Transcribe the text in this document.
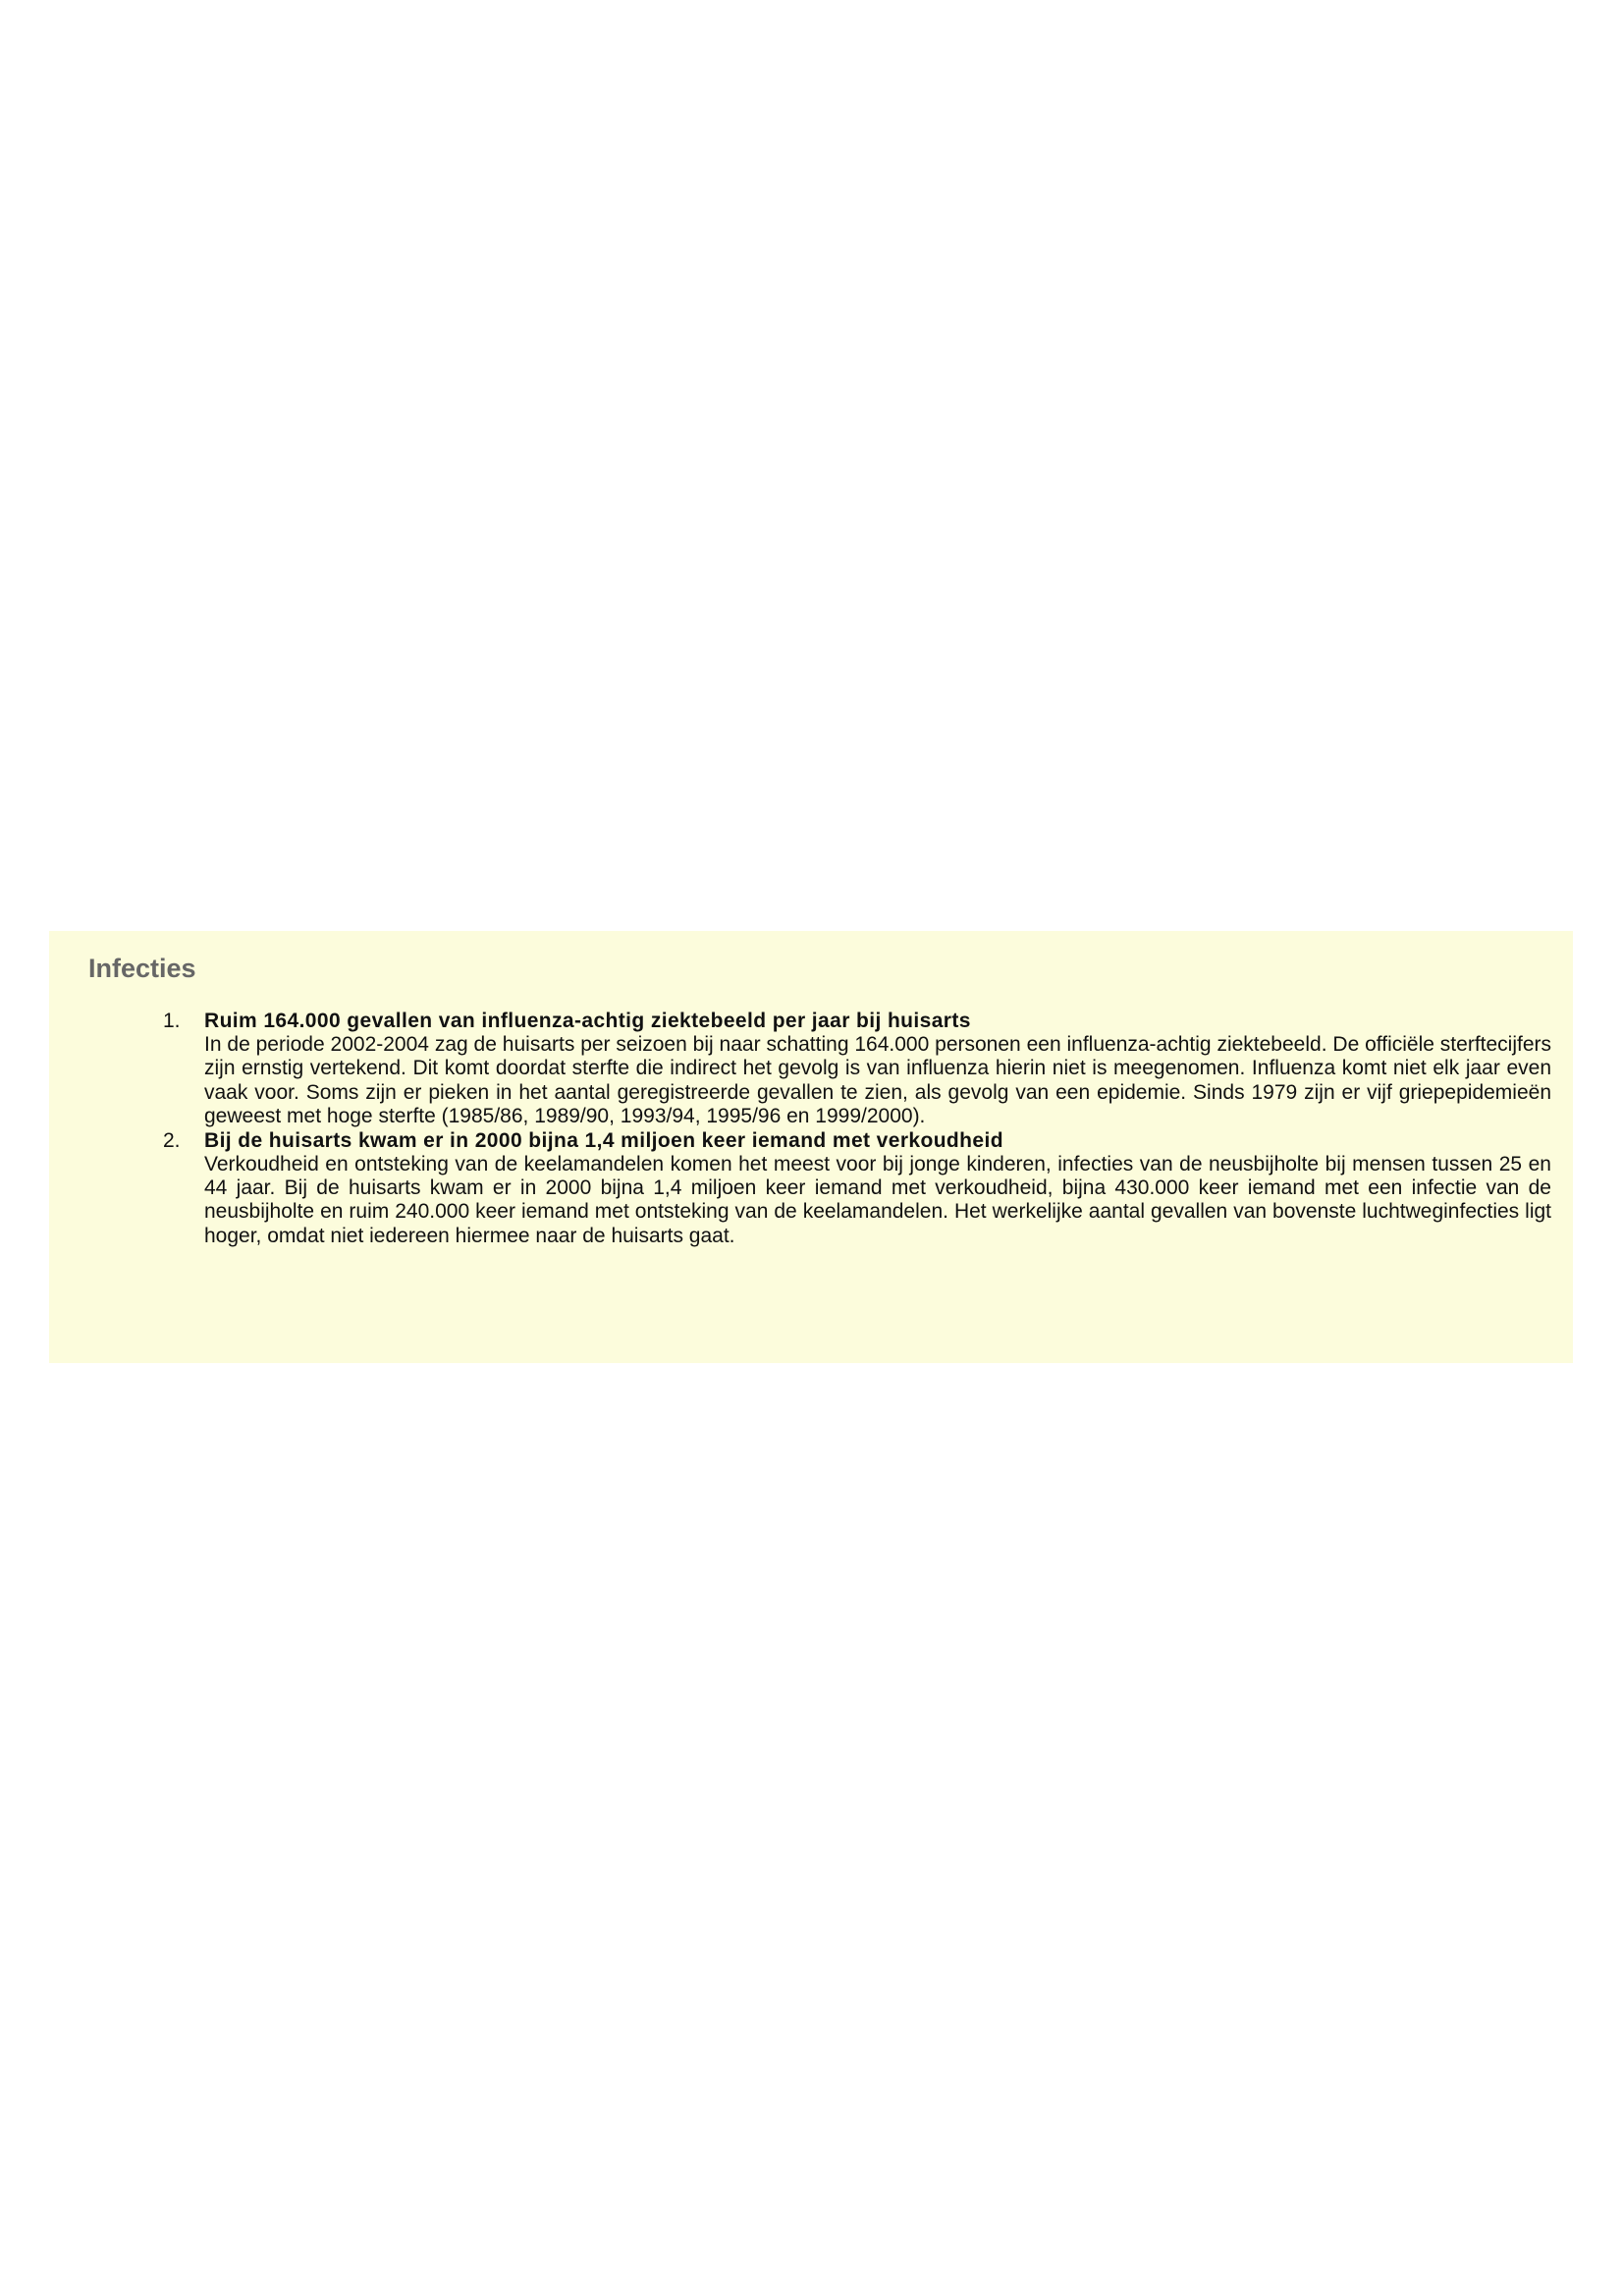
Infecties
1. Ruim 164.000 gevallen van influenza-achtig ziektebeeld per jaar bij huisarts

In de periode 2002-2004 zag de huisarts per seizoen bij naar schatting 164.000 personen een influenza-achtig ziektebeeld. De officiële sterftecijfers zijn ernstig vertekend. Dit komt doordat sterfte die indirect het gevolg is van influenza hierin niet is meegenomen. Influenza komt niet elk jaar even vaak voor. Soms zijn er pieken in het aantal geregistreerde gevallen te zien, als gevolg van een epidemie. Sinds 1979 zijn er vijf griepepidemieën geweest met hoge sterfte (1985/86, 1989/90, 1993/94, 1995/96 en 1999/2000).

2. Bij de huisarts kwam er in 2000 bijna 1,4 miljoen keer iemand met verkoudheid

Verkoudheid en ontsteking van de keelamandelen komen het meest voor bij jonge kinderen, infecties van de neusbijholte bij mensen tussen 25 en 44 jaar. Bij de huisarts kwam er in 2000 bijna 1,4 miljoen keer iemand met verkoudheid, bijna 430.000 keer iemand met een infectie van de neusbijholte en ruim 240.000 keer iemand met ontsteking van de keelamandelen. Het werkelijke aantal gevallen van bovenste luchtweginfecties ligt hoger, omdat niet iedereen hiermee naar de huisarts gaat.
